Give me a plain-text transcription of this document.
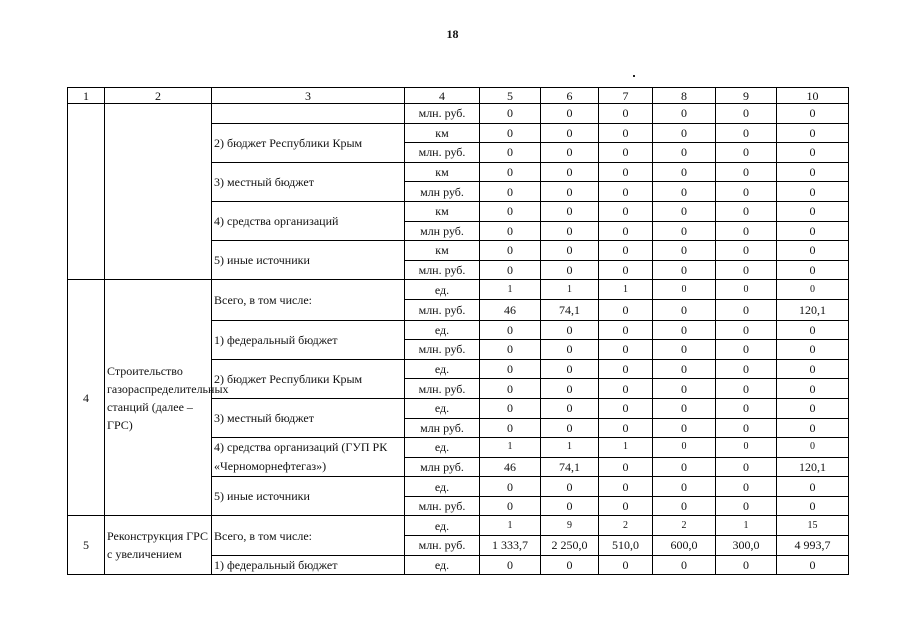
18
1	2	3	4	5	6	7	8	9	10
			млн. руб.	0	0	0	0	0	0
		2) бюджет Республики Крым	км	0	0	0	0	0	0
			млн. руб.	0	0	0	0	0	0
		3) местный бюджет	км	0	0	0	0	0	0
			млн руб.	0	0	0	0	0	0
		4) средства организаций	км	0	0	0	0	0	0
			млн руб.	0	0	0	0	0	0
		5) иные источники	км	0	0	0	0	0	0
			млн. руб.	0	0	0	0	0	0
4	Строительство газораспределительных станций (далее – ГРС)	Всего, в том числе:	ед.	1	1	1	0	0	0
			млн. руб.	46	74,1	0	0	0	120,1
		1) федеральный бюджет	ед.	0	0	0	0	0	0
			млн. руб.	0	0	0	0	0	0
		2) бюджет Республики Крым	ед.	0	0	0	0	0	0
			млн. руб.	0	0	0	0	0	0
		3) местный бюджет	ед.	0	0	0	0	0	0
			млн руб.	0	0	0	0	0	0
		4) средства организаций (ГУП РК «Черноморнефтегаз»)	ед.	1	1	1	0	0	0
			млн руб.	46	74,1	0	0	0	120,1
		5) иные источники	ед.	0	0	0	0	0	0
			млн. руб.	0	0	0	0	0	0
5	Реконструкция ГРС с увеличением	Всего, в том числе:	ед.	1	9	2	2	1	15
			млн. руб.	1 333,7	2 250,0	510,0	600,0	300,0	4 993,7
		1) федеральный бюджет	ед.	0	0	0	0	0	0
